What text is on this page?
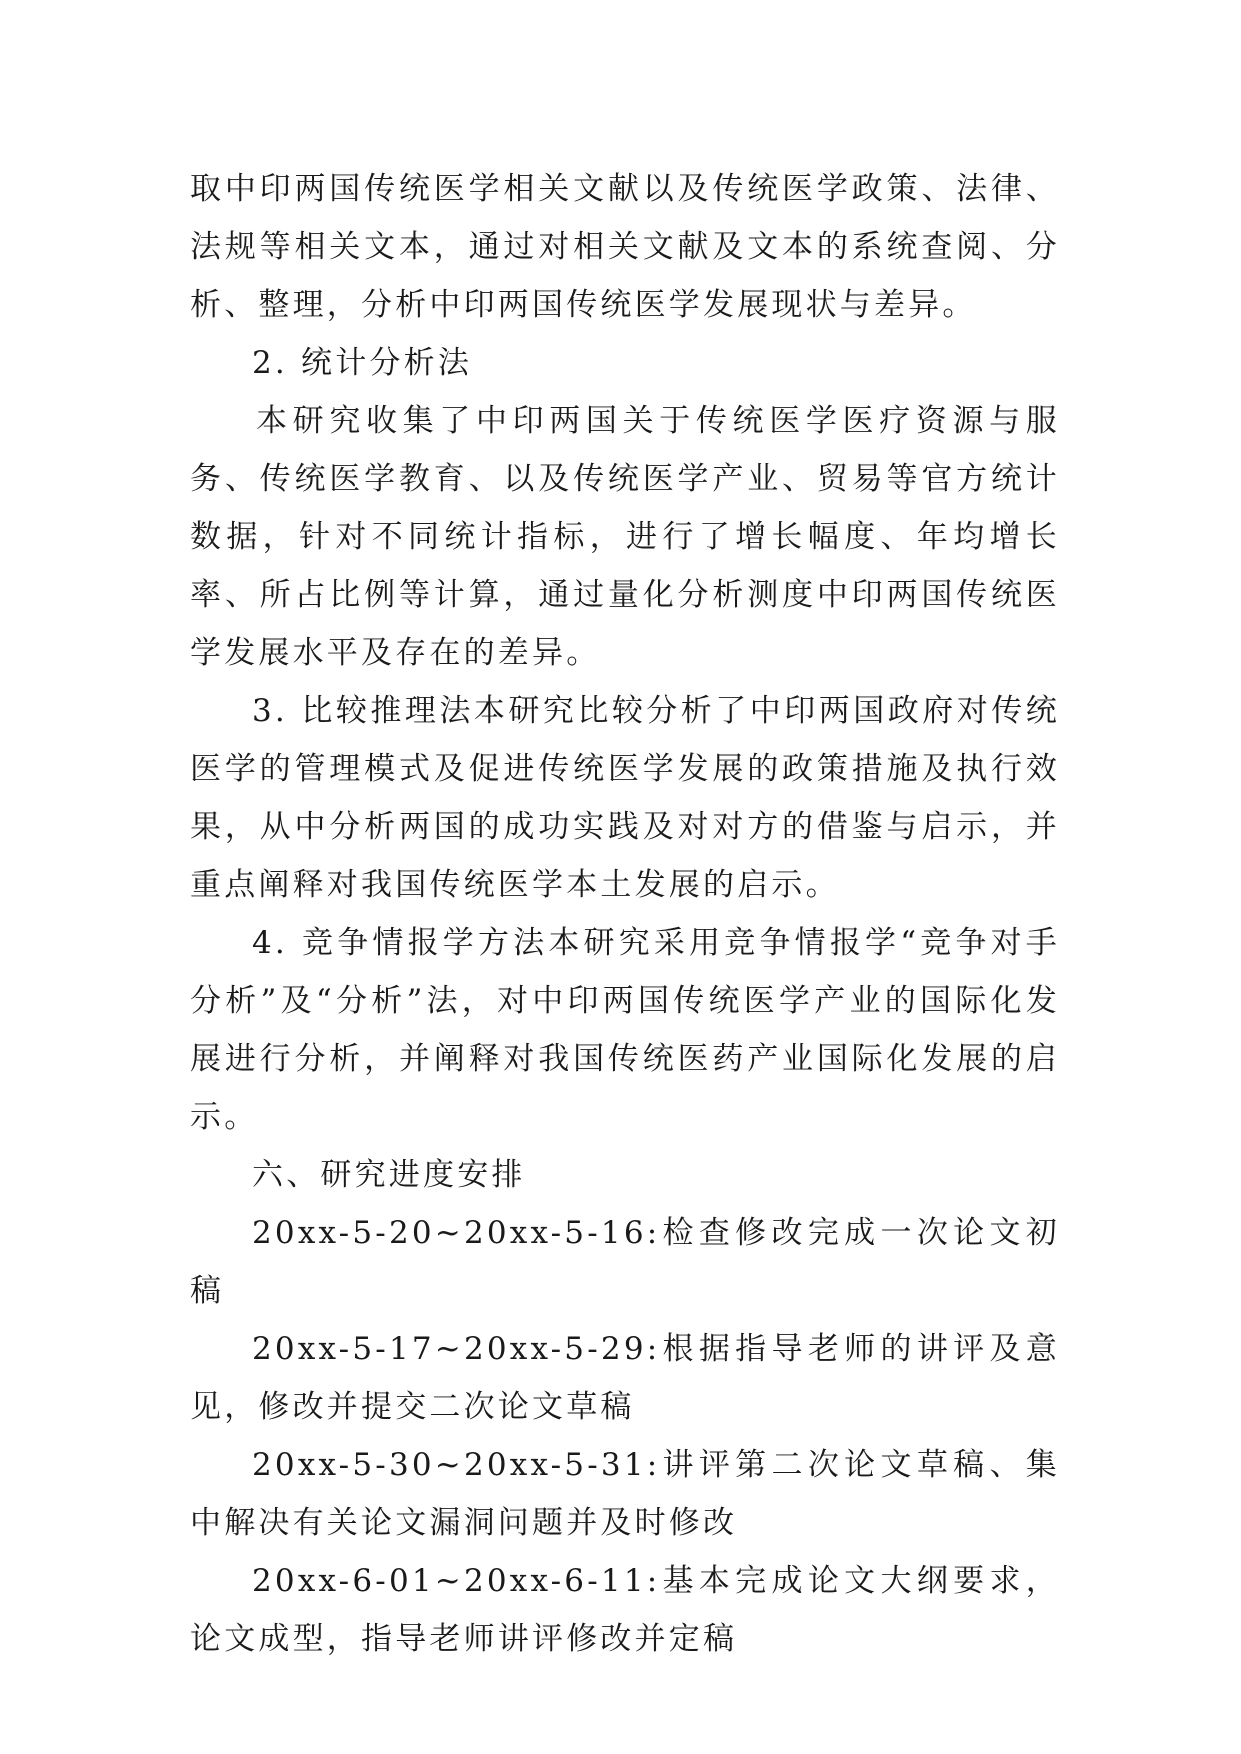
取中印两国传统医学相关文献以及传统医学政策、法律、法规等相关文本，通过对相关文献及文本的系统查阅、分析、整理，分析中印两国传统医学发展现状与差异。

2. 统计分析法

本研究收集了中印两国关于传统医学医疗资源与服务、传统医学教育、以及传统医学产业、贸易等官方统计数据，针对不同统计指标，进行了增长幅度、年均增长率、所占比例等计算，通过量化分析测度中印两国传统医学发展水平及存在的差异。

3. 比较推理法本研究比较分析了中印两国政府对传统医学的管理模式及促进传统医学发展的政策措施及执行效果，从中分析两国的成功实践及对对方的借鉴与启示，并重点阐释对我国传统医学本土发展的启示。

4. 竞争情报学方法本研究采用竞争情报学“竞争对手分析”及“分析”法，对中印两国传统医学产业的国际化发展进行分析，并阐释对我国传统医药产业国际化发展的启示。

六、研究进度安排

20xx-5-20~20xx-5-16:检查修改完成一次论文初稿

20xx-5-17~20xx-5-29:根据指导老师的讲评及意见，修改并提交二次论文草稿

20xx-5-30~20xx-5-31:讲评第二次论文草稿、集中解决有关论文漏洞问题并及时修改

20xx-6-01~20xx-6-11:基本完成论文大纲要求，论文成型，指导老师讲评修改并定稿
